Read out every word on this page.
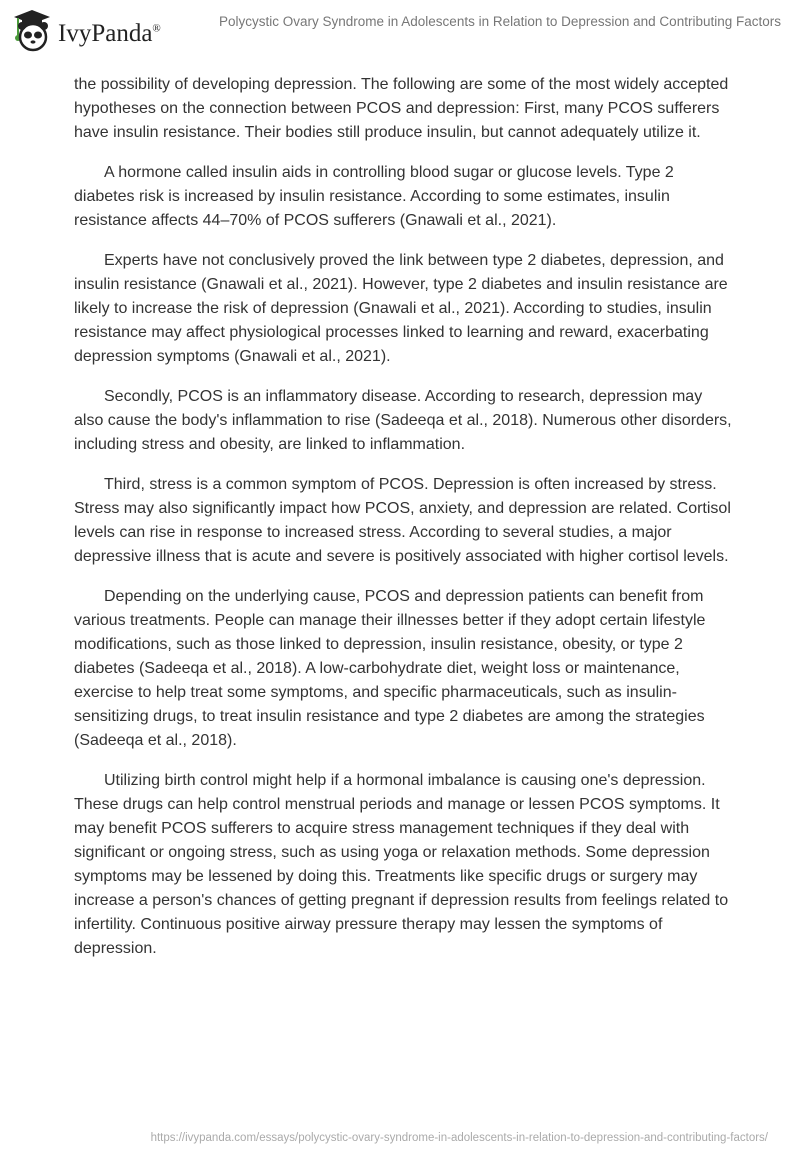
IvyPanda®	Polycystic Ovary Syndrome in Adolescents in Relation to Depression and Contributing Factors

the possibility of developing depression. The following are some of the most widely accepted hypotheses on the connection between PCOS and depression: First, many PCOS sufferers have insulin resistance. Their bodies still produce insulin, but cannot adequately utilize it.

A hormone called insulin aids in controlling blood sugar or glucose levels. Type 2 diabetes risk is increased by insulin resistance. According to some estimates, insulin resistance affects 44–70% of PCOS sufferers (Gnawali et al., 2021).

Experts have not conclusively proved the link between type 2 diabetes, depression, and insulin resistance (Gnawali et al., 2021). However, type 2 diabetes and insulin resistance are likely to increase the risk of depression (Gnawali et al., 2021). According to studies, insulin resistance may affect physiological processes linked to learning and reward, exacerbating depression symptoms (Gnawali et al., 2021).

Secondly, PCOS is an inflammatory disease. According to research, depression may also cause the body's inflammation to rise (Sadeeqa et al., 2018). Numerous other disorders, including stress and obesity, are linked to inflammation.

Third, stress is a common symptom of PCOS. Depression is often increased by stress. Stress may also significantly impact how PCOS, anxiety, and depression are related. Cortisol levels can rise in response to increased stress. According to several studies, a major depressive illness that is acute and severe is positively associated with higher cortisol levels.

Depending on the underlying cause, PCOS and depression patients can benefit from various treatments. People can manage their illnesses better if they adopt certain lifestyle modifications, such as those linked to depression, insulin resistance, obesity, or type 2 diabetes (Sadeeqa et al., 2018). A low-carbohydrate diet, weight loss or maintenance, exercise to help treat some symptoms, and specific pharmaceuticals, such as insulin-sensitizing drugs, to treat insulin resistance and type 2 diabetes are among the strategies (Sadeeqa et al., 2018).

Utilizing birth control might help if a hormonal imbalance is causing one's depression. These drugs can help control menstrual periods and manage or lessen PCOS symptoms. It may benefit PCOS sufferers to acquire stress management techniques if they deal with significant or ongoing stress, such as using yoga or relaxation methods. Some depression symptoms may be lessened by doing this. Treatments like specific drugs or surgery may increase a person's chances of getting pregnant if depression results from feelings related to infertility. Continuous positive airway pressure therapy may lessen the symptoms of depression.

https://ivypanda.com/essays/polycystic-ovary-syndrome-in-adolescents-in-relation-to-depression-and-contributing-factors/
